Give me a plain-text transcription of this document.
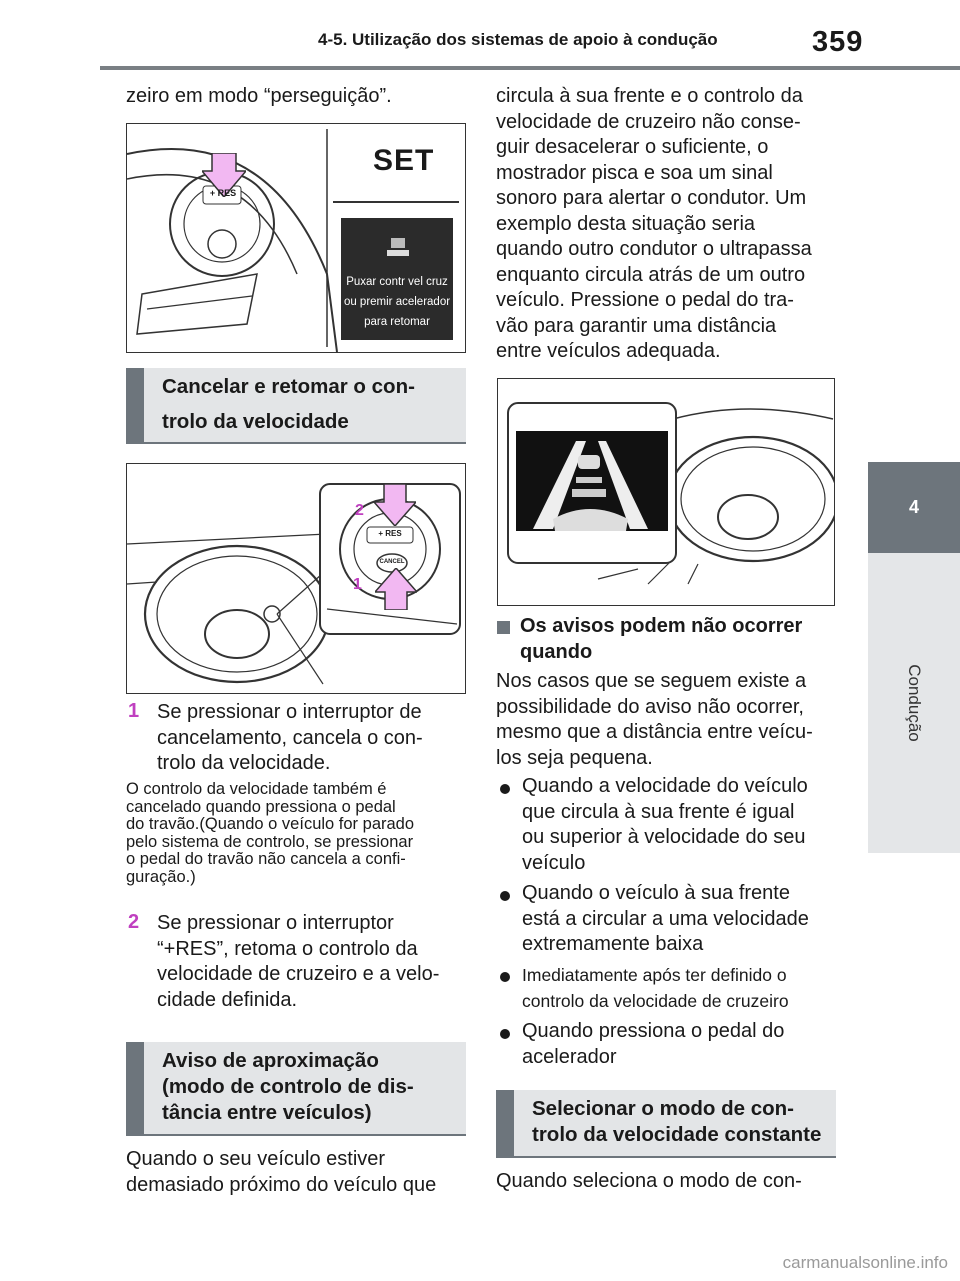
4-5. Utilização dos sistemas de apoio à condução	359
4
Condução
zeiro em modo “perseguição”.
+ RES
SET
Puxar contr vel cruz
ou premir acelerador
para retomar
Cancelar e retomar o con-
trolo da velocidade
2
1
+ RES
CANCEL
1 Se pressionar o interruptor de
cancelamento, cancela o con-
trolo da velocidade.
O controlo da velocidade também é
cancelado quando pressiona o pedal
do travão.(Quando o veículo for parado
pelo sistema de controlo, se pressionar
o pedal do travão não cancela a confi-
guração.)
2 Se pressionar o interruptor
“+RES”, retoma o controlo da
velocidade de cruzeiro e a velo-
cidade definida.
Aviso de aproximação
(modo de controlo de dis-
tância entre veículos)
Quando o seu veículo estiver
demasiado próximo do veículo que
circula à sua frente e o controlo da
velocidade de cruzeiro não conse-
guir desacelerar o suficiente, o
mostrador pisca e soa um sinal
sonoro para alertar o condutor. Um
exemplo desta situação seria
quando outro condutor o ultrapassa
enquanto circula atrás de um outro
veículo. Pressione o pedal do tra-
vão para garantir uma distância
entre veículos adequada.
Os avisos podem não ocorrer
quando
Nos casos que se seguem existe a
possibilidade do aviso não ocorrer,
mesmo que a distância entre veícu-
los seja pequena.
Quando a velocidade do veículo
que circula à sua frente é igual
ou superior à velocidade do seu
veículo
Quando o veículo à sua frente
está a circular a uma velocidade
extremamente baixa
Imediatamente após ter definido o
controlo da velocidade de cruzeiro
Quando pressiona o pedal do
acelerador
Selecionar o modo de con-
trolo da velocidade constante
Quando seleciona o modo de con-
carmanualsonline.info
